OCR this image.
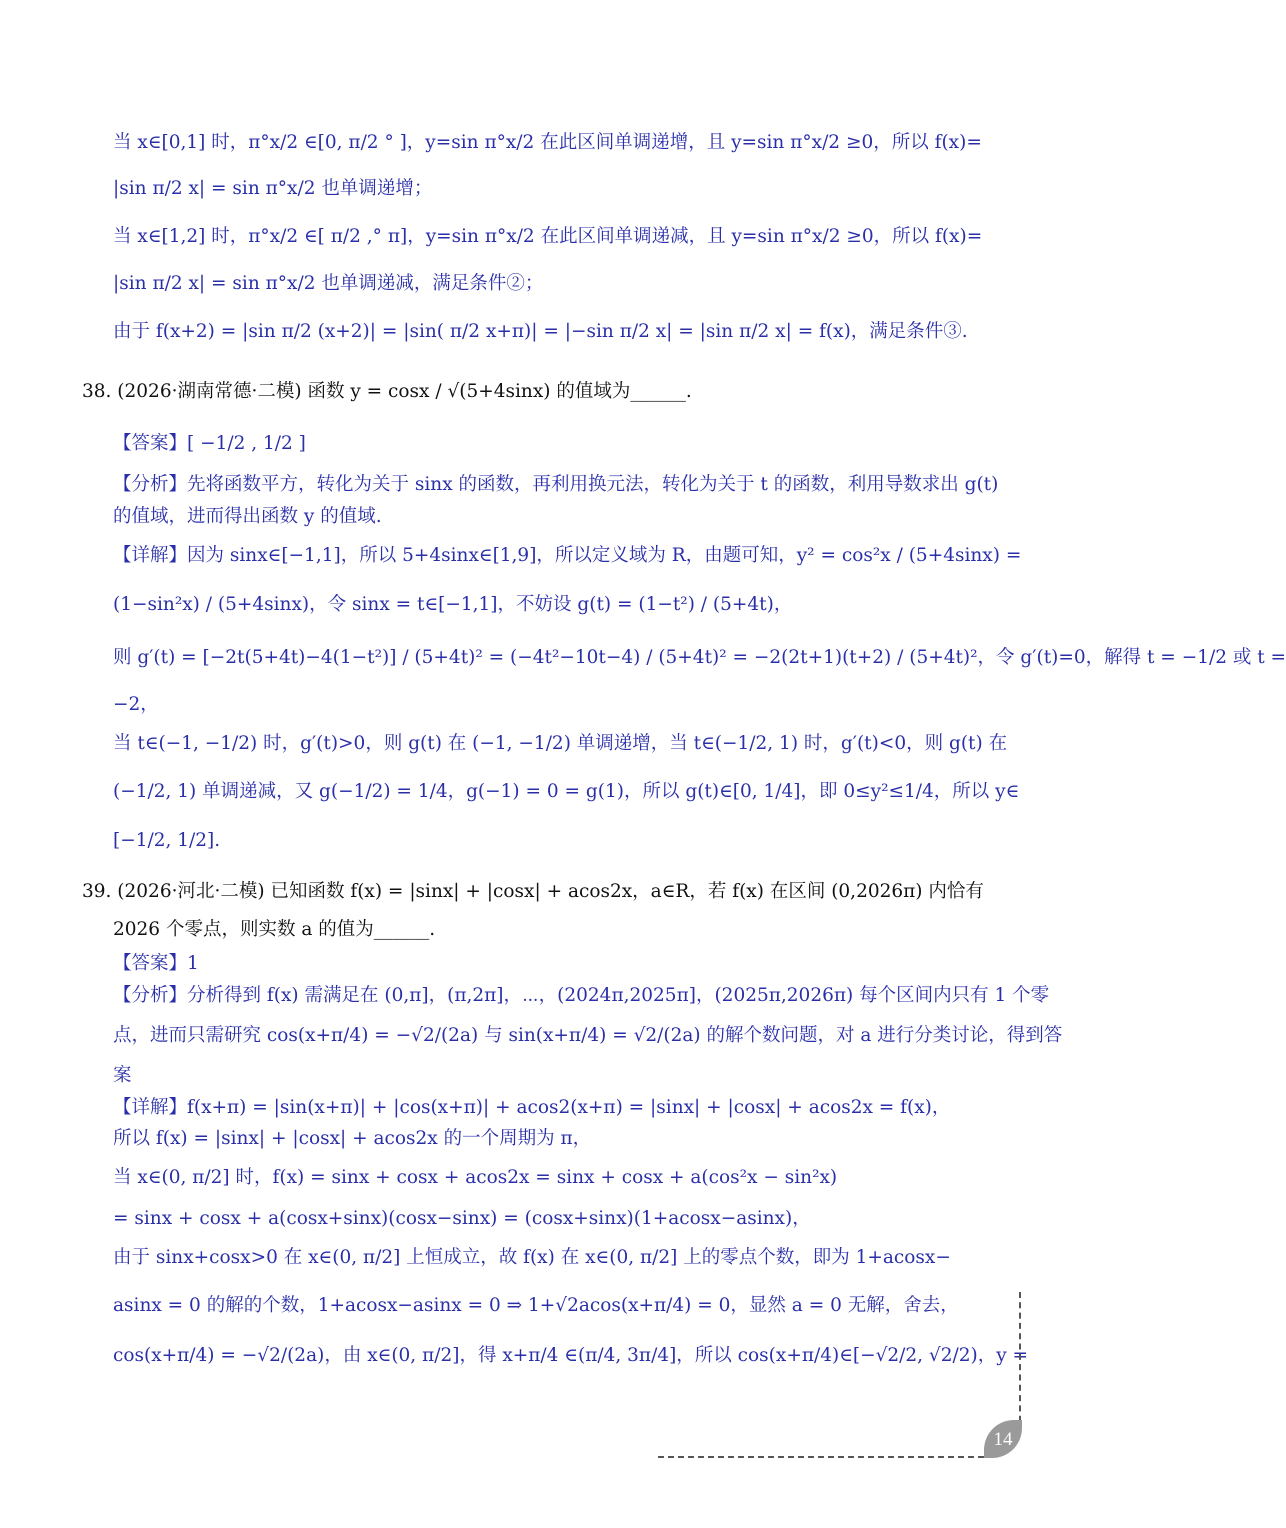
当 x∈[0,1] 时，π°x/2 ∈[0, π/2 ° ]，y=sin π°x/2 在此区间单调递增，且 y=sin π°x/2 ≥0，所以 f(x)=
|sin π/2 x| = sin π°x/2 也单调递增；
当 x∈[1,2] 时，π°x/2 ∈[ π/2 ,° π]，y=sin π°x/2 在此区间单调递减，且 y=sin π°x/2 ≥0，所以 f(x)=
|sin π/2 x| = sin π°x/2 也单调递减，满足条件②；
由于 f(x+2) = |sin π/2 (x+2)| = |sin( π/2 x+π)| = |−sin π/2 x| = |sin π/2 x| = f(x)，满足条件③.
38. (2026·湖南常德·二模) 函数 y = cosx / √(5+4sinx) 的值域为______.
【答案】[ −1/2 , 1/2 ]
【分析】先将函数平方，转化为关于 sinx 的函数，再利用换元法，转化为关于 t 的函数，利用导数求出 g(t)
的值域，进而得出函数 y 的值域.
【详解】因为 sinx∈[−1,1]，所以 5+4sinx∈[1,9]，所以定义域为 R，由题可知，y² = cos²x / (5+4sinx) =
(1−sin²x) / (5+4sinx)，令 sinx = t∈[−1,1]，不妨设 g(t) = (1−t²) / (5+4t)，
则 g′(t) = [−2t(5+4t)−4(1−t²)] / (5+4t)² = (−4t²−10t−4) / (5+4t)² = −2(2t+1)(t+2) / (5+4t)²，令 g′(t)=0，解得 t = −1/2 或 t =
−2，
当 t∈(−1, −1/2) 时，g′(t)>0，则 g(t) 在 (−1, −1/2) 单调递增，当 t∈(−1/2, 1) 时，g′(t)<0，则 g(t) 在
(−1/2, 1) 单调递减，又 g(−1/2) = 1/4，g(−1) = 0 = g(1)，所以 g(t)∈[0, 1/4]，即 0≤y²≤1/4，所以 y∈
[−1/2, 1/2].
39. (2026·河北·二模) 已知函数 f(x) = |sinx| + |cosx| + acos2x，a∈R，若 f(x) 在区间 (0,2026π) 内恰有
2026 个零点，则实数 a 的值为______.
【答案】1
【分析】分析得到 f(x) 需满足在 (0,π]，(π,2π]，⋯，(2024π,2025π]，(2025π,2026π) 每个区间内只有 1 个零
点，进而只需研究 cos(x+π/4) = −√2/(2a) 与 sin(x+π/4) = √2/(2a) 的解个数问题，对 a 进行分类讨论，得到答
案
【详解】f(x+π) = |sin(x+π)| + |cos(x+π)| + acos2(x+π) = |sinx| + |cosx| + acos2x = f(x)，
所以 f(x) = |sinx| + |cosx| + acos2x 的一个周期为 π，
当 x∈(0, π/2] 时，f(x) = sinx + cosx + acos2x = sinx + cosx + a(cos²x − sin²x)
= sinx + cosx + a(cosx+sinx)(cosx−sinx) = (cosx+sinx)(1+acosx−asinx)，
由于 sinx+cosx>0 在 x∈(0, π/2] 上恒成立，故 f(x) 在 x∈(0, π/2] 上的零点个数，即为 1+acosx−
asinx = 0 的解的个数，1+acosx−asinx = 0 ⇒ 1+√2acos(x+π/4) = 0，显然 a = 0 无解，舍去，
cos(x+π/4) = −√2/(2a)，由 x∈(0, π/2]，得 x+π/4 ∈(π/4, 3π/4]，所以 cos(x+π/4)∈[−√2/2, √2/2)，y =
14
